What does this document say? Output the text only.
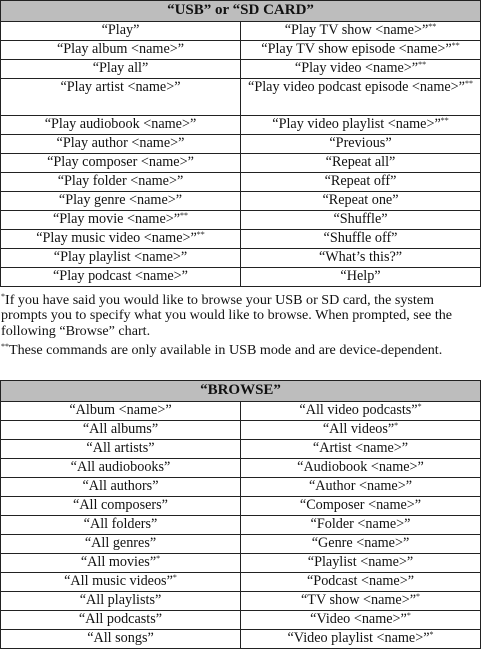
“USB” or “SD CARD”	
“Play”	“Play TV show <name>”**
“Play album <name>”	“Play TV show episode <name>”**
“Play all”	“Play video <name>”**
“Play artist <name>”	“Play video podcast episode <name>”**
“Play audiobook <name>”	“Play video playlist <name>”**
“Play author <name>”	“Previous”
“Play composer <name>”	“Repeat all”
“Play folder <name>”	“Repeat off”
“Play genre <name>”	“Repeat one”
“Play movie <name>”**	“Shuffle”
“Play music video <name>”**	“Shuffle off”
“Play playlist <name>”	“What’s this?”
“Play podcast <name>”	“Help”

*If you have said you would like to browse your USB or SD card, the system prompts you to specify what you would like to browse. When prompted, see the following “Browse” chart.

**These commands are only available in USB mode and are device-dependent.

“BROWSE”	
“Album <name>”	“All video podcasts”*
“All albums”	“All videos”*
“All artists”	“Artist <name>”
“All audiobooks”	“Audiobook <name>”
“All authors”	“Author <name>”
“All composers”	“Composer <name>”
“All folders”	“Folder <name>”
“All genres”	“Genre <name>”
“All movies”*	“Playlist <name>”
“All music videos”*	“Podcast <name>”
“All playlists”	“TV show <name>”*
“All podcasts”	“Video <name>”*
“All songs”	“Video playlist <name>”*
